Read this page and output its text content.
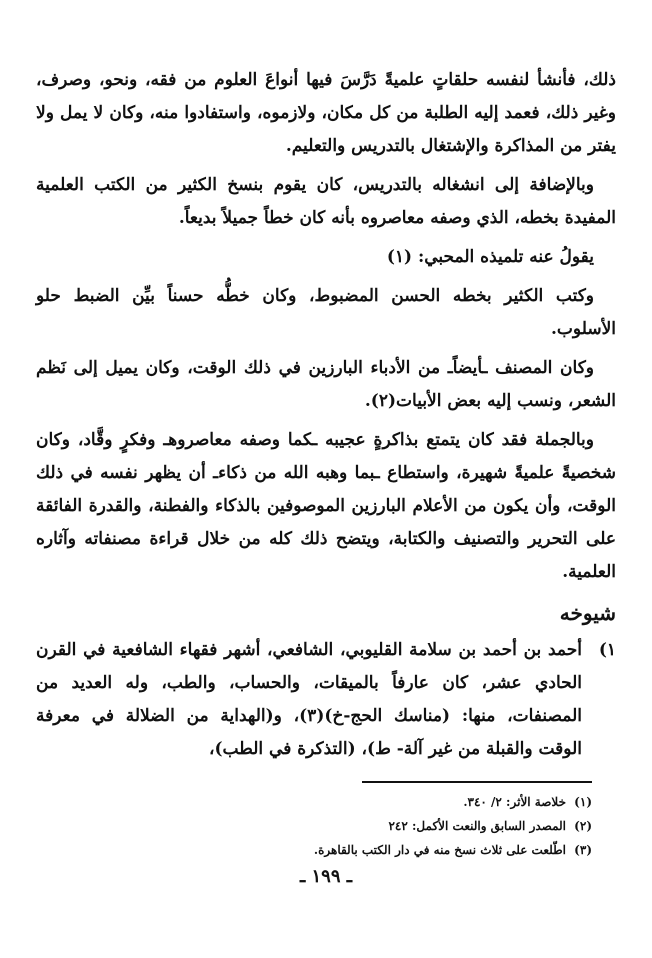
ذلك، فأنشأ لنفسه حلقاتٍ علميةً دَرَّسَ فيها أنواعَ العلوم من فقه، ونحو، وصرف، وغير ذلك، فعمد إليه الطلبة من كل مكان، ولازموه، واستفادوا منه، وكان لا يمل ولا يفتر من المذاكرة والإشتغال بالتدريس والتعليم.

وبالإضافة إلى انشغاله بالتدريس، كان يقوم بنسخ الكثير من الكتب العلمية المفيدة بخطه، الذي وصفه معاصروه بأنه كان خطاً جميلاً بديعاً.

يقولُ عنه تلميذه المحبي: (١)

وكتب الكثير بخطه الحسن المضبوط، وكان خطُّه حسناً بيِّن الضبط حلو الأسلوب.

وكان المصنف ـأيضاًـ من الأدباء البارزين في ذلك الوقت، وكان يميل إلى نَظم الشعر، ونسب إليه بعض الأبيات(٢).

وبالجملة فقد كان يتمتع بذاكرةٍ عجيبه ـكما وصفه معاصروهـ وفكرٍ وقَّاد، وكان شخصيةً علميةً شهيرة، واستطاع ـبما وهبه الله من ذكاءـ أن يظهر نفسه في ذلك الوقت، وأن يكون من الأعلام البارزين الموصوفين بالذكاء والفطنة، والقدرة الفائقة على التحرير والتصنيف والكتابة، ويتضح ذلك كله من خلال قراءة مصنفاته وآثاره العلمية.

شيوخه
١)
أحمد بن أحمد بن سلامة القليوبي، الشافعي، أشهر فقهاء الشافعية في القرن الحادي عشر، كان عارفاً بالميقات، والحساب، والطب، وله العديد من المصنفات، منها: (مناسك الحج-خ)(٣)، و(الهداية من الضلالة في معرفة الوقت والقبلة من غير آلة- ط)، (التذكرة في الطب)،
(١)
خلاصة الأثر: ٢/ ٣٤٠.
(٢)
المصدر السابق والنعت الأكمل: ٢٤٢
(٣)
اطّلعت على ثلاث نسخ منه في دار الكتب بالقاهرة.
ـ ١٩٩ ـ
